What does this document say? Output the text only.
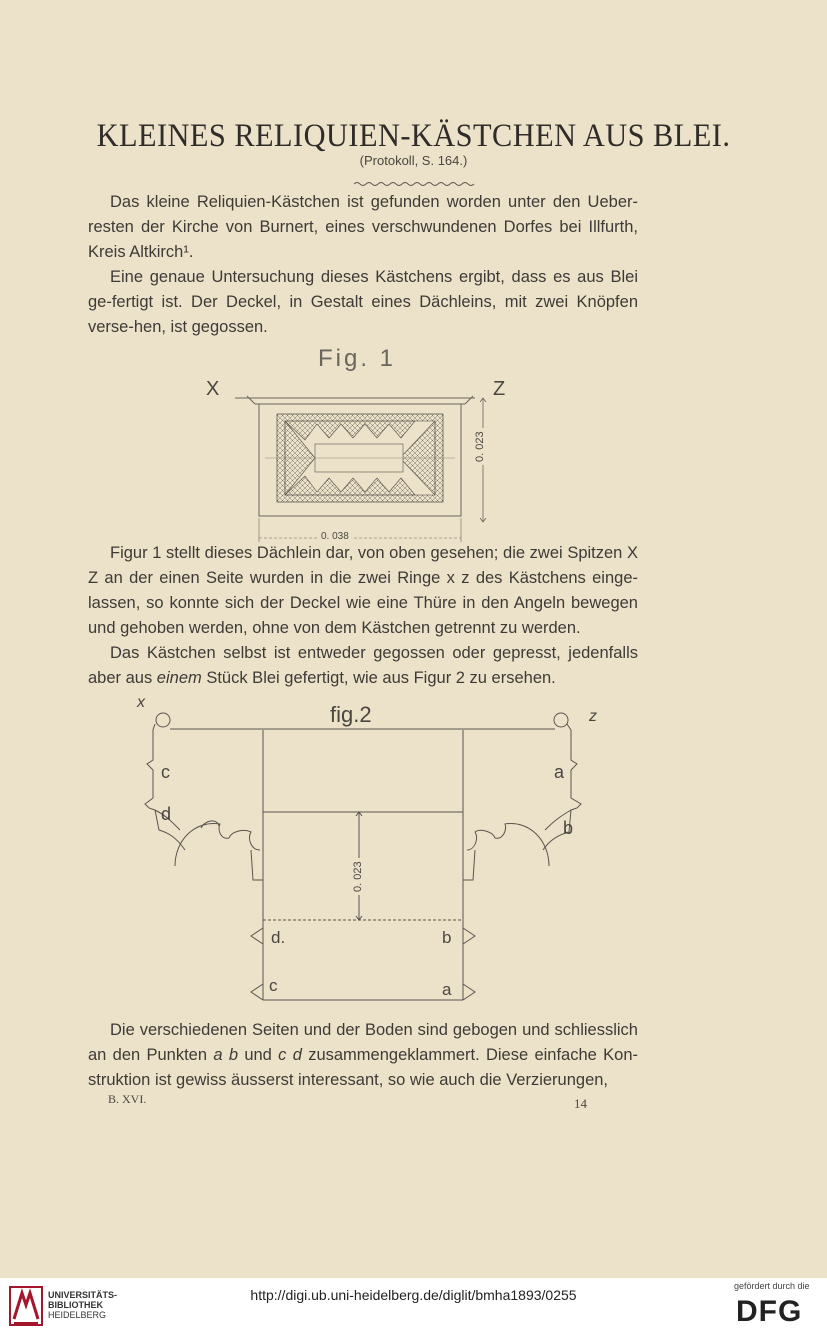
KLEINES RELIQUIEN-KÄSTCHEN AUS BLEI.
(Protokoll, S. 164.)
Das kleine Reliquien-Kästchen ist gefunden worden unter den Ueber-resten der Kirche von Burnert, eines verschwundenen Dorfes bei Illfurth, Kreis Altkirch¹.
Eine genaue Untersuchung dieses Kästchens ergibt, dass es aus Blei ge-fertigt ist. Der Deckel, in Gestalt eines Dächleins, mit zwei Knöpfen verse-hen, ist gegossen.
Fig. 1
X	Z
0. 023
0. 038
Figur 1 stellt dieses Dächlein dar, von oben gesehen; die zwei Spitzen X Z an der einen Seite wurden in die zwei Ringe x z des Kästchens einge-lassen, so konnte sich der Deckel wie eine Thüre in den Angeln bewegen und gehoben werden, ohne von dem Kästchen getrennt zu werden.
Das Kästchen selbst ist entweder gegossen oder gepresst, jedenfalls aber aus einem Stück Blei gefertigt, wie aus Figur 2 zu ersehen.
fig.2
x
z
c
d
a
b
0. 023
d.	b
c	a
Die verschiedenen Seiten und der Boden sind gebogen und schliesslich an den Punkten a b und c d zusammengeklammert. Diese einfache Kon-struktion ist gewiss äusserst interessant, so wie auch die Verzierungen,
B. XVI.	14
UNIVERSITÄTS-
BIBLIOTHEK
HEIDELBERG
http://digi.ub.uni-heidelberg.de/diglit/bmha1893/0255
gefördert durch die
DFG
